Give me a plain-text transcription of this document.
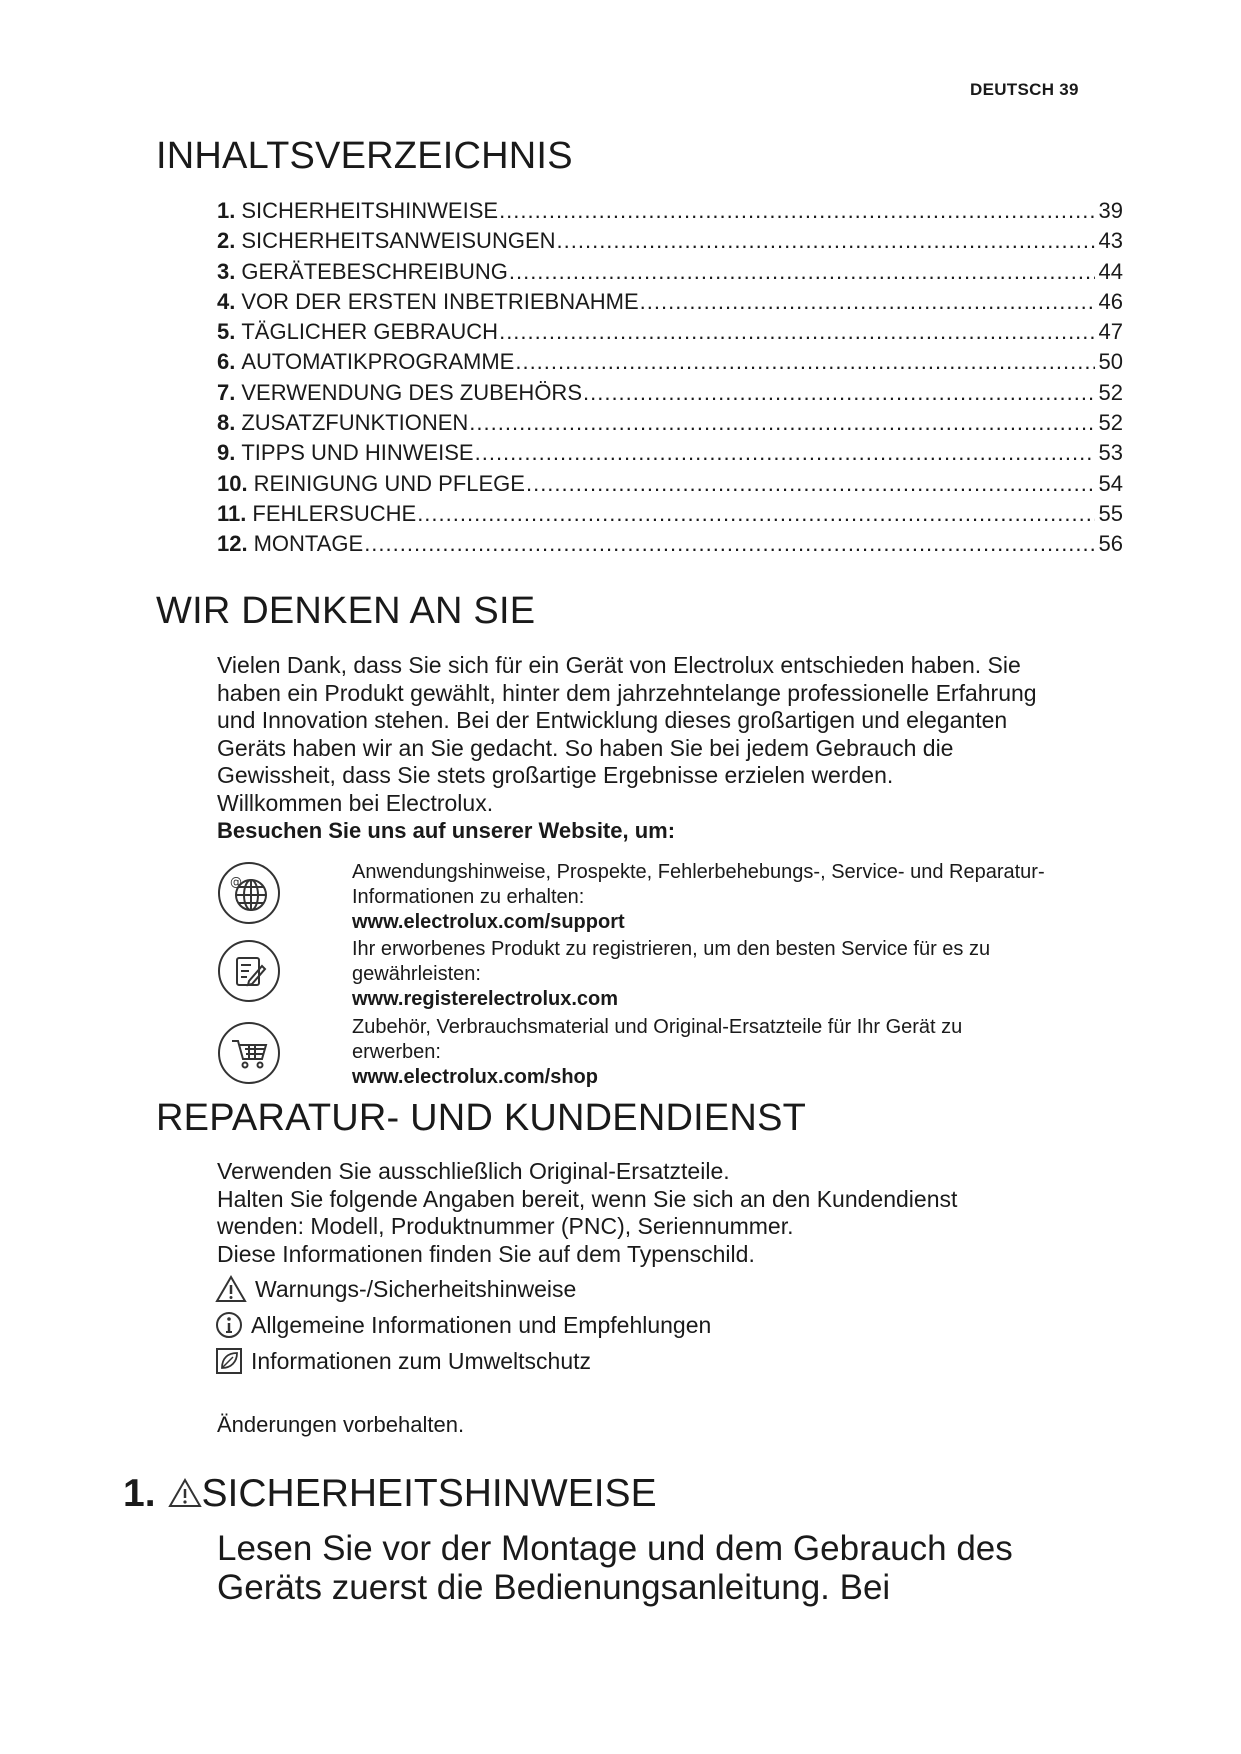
DEUTSCH 39
INHALTSVERZEICHNIS
1. SICHERHEITSHINWEISE .....	39
2. SICHERHEITSANWEISUNGEN .....	43
3. GERÄTEBESCHREIBUNG .....	44
4. VOR DER ERSTEN INBETRIEBNAHME .....	46
5. TÄGLICHER GEBRAUCH .....	47
6. AUTOMATIKPROGRAMME .....	50
7. VERWENDUNG DES ZUBEHÖRS .....	52
8. ZUSATZFUNKTIONEN .....	52
9. TIPPS UND HINWEISE .....	53
10. REINIGUNG UND PFLEGE .....	54
11. FEHLERSUCHE .....	55
12. MONTAGE .....	56
WIR DENKEN AN SIE
Vielen Dank, dass Sie sich für ein Gerät von Electrolux entschieden haben. Sie
haben ein Produkt gewählt, hinter dem jahrzehntelange professionelle Erfahrung
und Innovation stehen. Bei der Entwicklung dieses großartigen und eleganten
Geräts haben wir an Sie gedacht. So haben Sie bei jedem Gebrauch die
Gewissheit, dass Sie stets großartige Ergebnisse erzielen werden.
Willkommen bei Electrolux.
Besuchen Sie uns auf unserer Website, um:
@	Anwendungshinweise, Prospekte, Fehlerbehebungs-, Service- und Reparatur-
Informationen zu erhalten:
www.electrolux.com/support
Ihr erworbenes Produkt zu registrieren, um den besten Service für es zu
gewährleisten:
www.registerelectrolux.com
Zubehör, Verbrauchsmaterial und Original-Ersatzteile für Ihr Gerät zu
erwerben:
www.electrolux.com/shop
REPARATUR- UND KUNDENDIENST
Verwenden Sie ausschließlich Original-Ersatzteile.
Halten Sie folgende Angaben bereit, wenn Sie sich an den Kundendienst
wenden: Modell, Produktnummer (PNC), Seriennummer.
Diese Informationen finden Sie auf dem Typenschild.
Warnungs-/Sicherheitshinweise
Allgemeine Informationen und Empfehlungen
Informationen zum Umweltschutz
Änderungen vorbehalten.
1. SICHERHEITSHINWEISE
Lesen Sie vor der Montage und dem Gebrauch des
Geräts zuerst die Bedienungsanleitung. Bei
